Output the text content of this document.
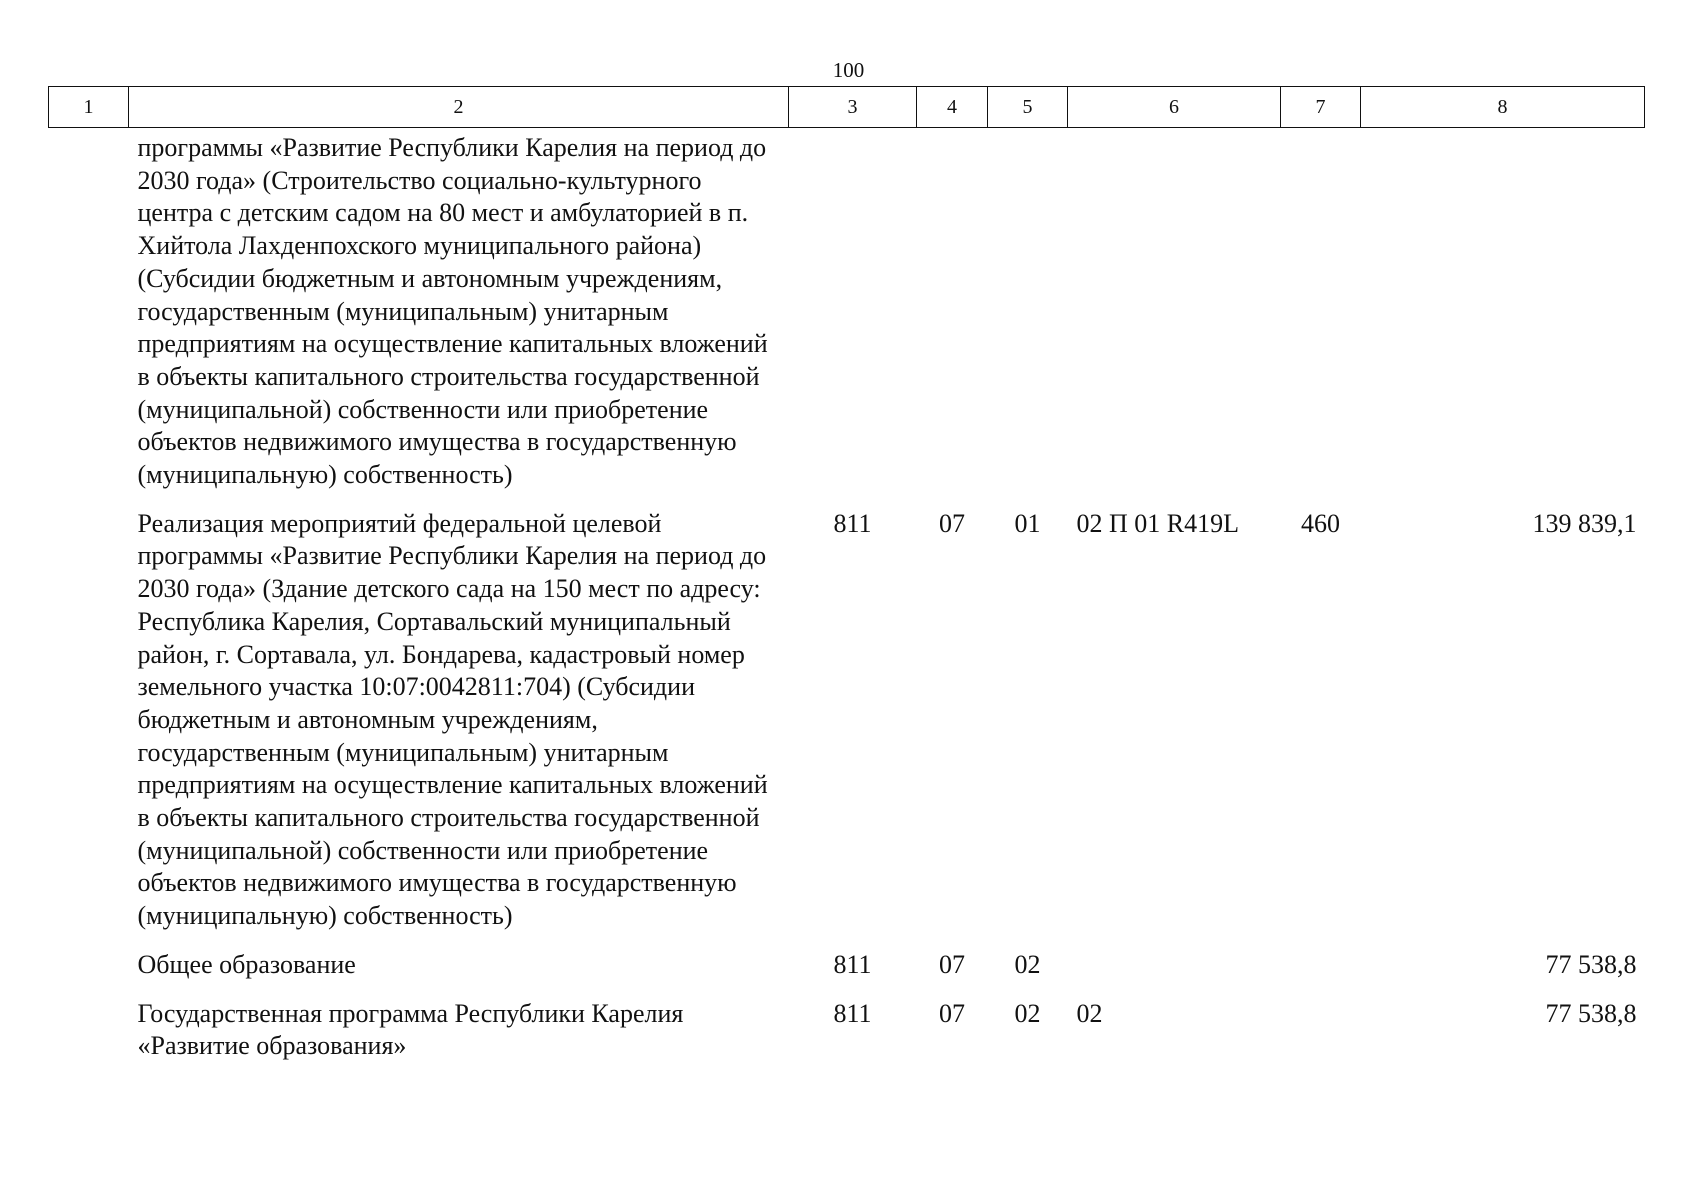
100
1	2	3	4	5	6	7	8
	программы «Развитие Республики Карелия на период до 2030 года» (Строительство социально-культурного центра с детским садом на 80 мест и амбулаторией в п. Хийтола Лахденпохского муниципального района) (Субсидии бюджетным и автономным учреждениям, государственным (муниципальным) унитарным предприятиям на осуществление капитальных вложений в объекты капитального строительства государственной (муниципальной) собственности или приобретение объектов недвижимого имущества в государственную (муниципальную) собственность)						
	Реализация мероприятий федеральной целевой программы «Развитие Республики Карелия на период до 2030 года» (Здание детского сада на 150 мест по адресу: Республика Карелия, Сортавальский муниципальный район, г. Сортавала, ул. Бондарева, кадастровый номер земельного участка 10:07:0042811:704) (Субсидии бюджетным и автономным учреждениям, государственным (муниципальным) унитарным предприятиям на осуществление капитальных вложений в объекты капитального строительства государственной (муниципальной) собственности или приобретение объектов недвижимого имущества в государственную (муниципальную) собственность)	811	07	01	02 П 01 R419L	460	139 839,1
	Общее образование	811	07	02			77 538,8
	Государственная программа Республики Карелия «Развитие образования»	811	07	02	02		77 538,8
